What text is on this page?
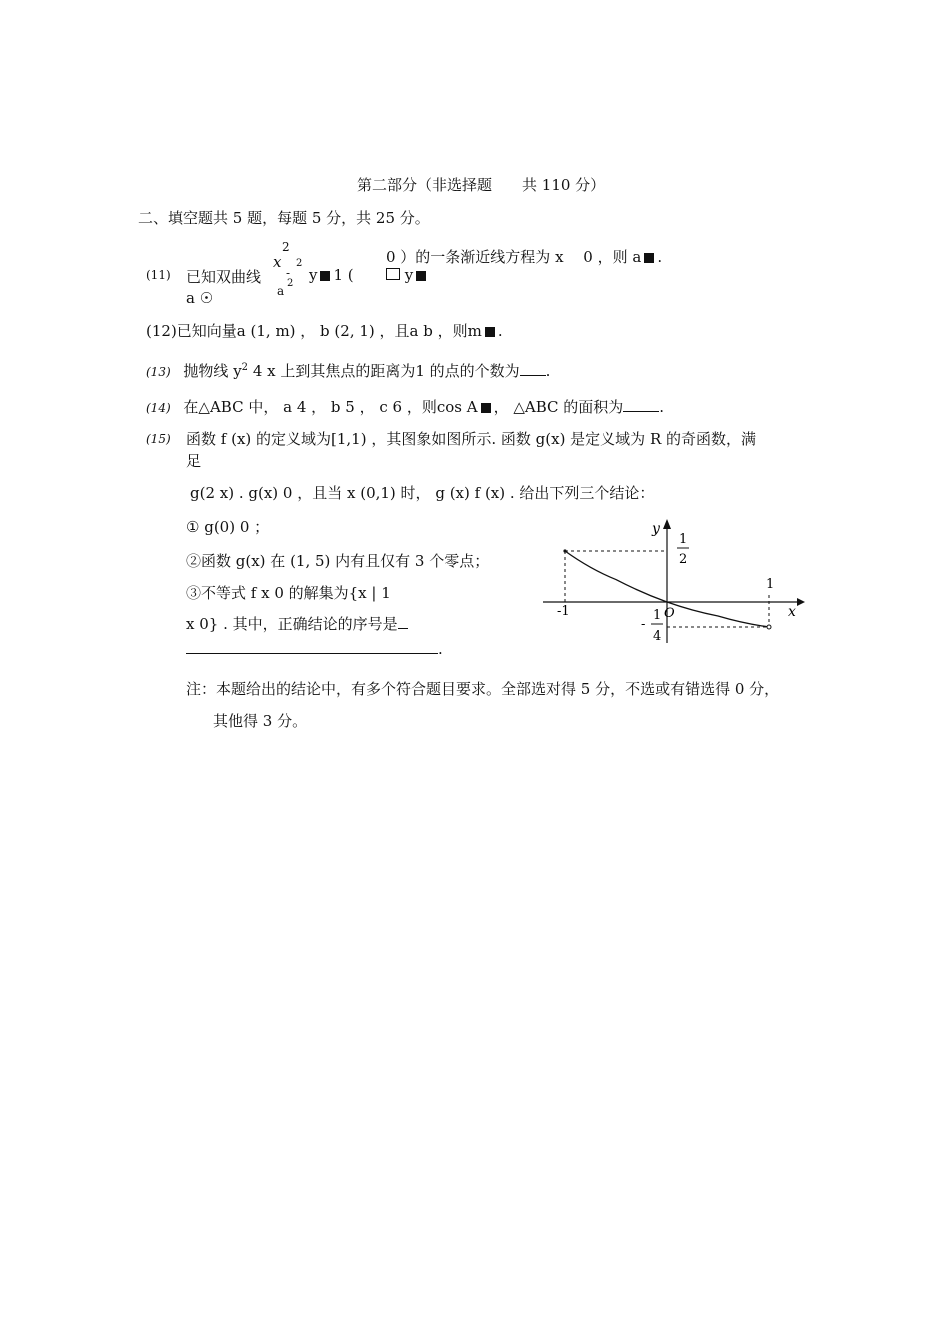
第二部分（非选择题　　共 110 分）
二、填空题共 5 题，每题 5 分，共 25 分。
(11) 已知双曲线
2
x 2
-
a
2 y 1 (	y
0 ）的一条渐近线方程为 x　 0 ，则 a .
a ☉
(12)已知向量a (1, m) ， b (2, 1) ，且a b ，则m .
(13) 抛物线 $y^2$ 4 x 上到其焦点的距离为1 的点的个数为 .
(14) 在△ABC 中， a 4 ， b 5 ， c 6 ，则cos A ， △ABC 的面积为 .
(15) 函数 f (x) 的定义域为[1,1) ，其图象如图所示. 函数 g(x) 是定义域为 R 的奇函数，满
足
g(2 x) . g(x) 0 ，且当 x (0,1) 时， g (x) f (x) . 给出下列三个结论：
① g(0) 0 ；
②函数 g(x) 在 (1, 5) 内有且仅有 3 个零点；
③不等式 f x 0 的解集为{x | 1
x 0} . 其中，正确结论的序号是
.
注：本题给出的结论中，有多个符合题目要求。全部选对得 5 分，不选或有错选得 0 分，
其他得 3 分。
y
x
O
-1
1
1
2
-
1
4
